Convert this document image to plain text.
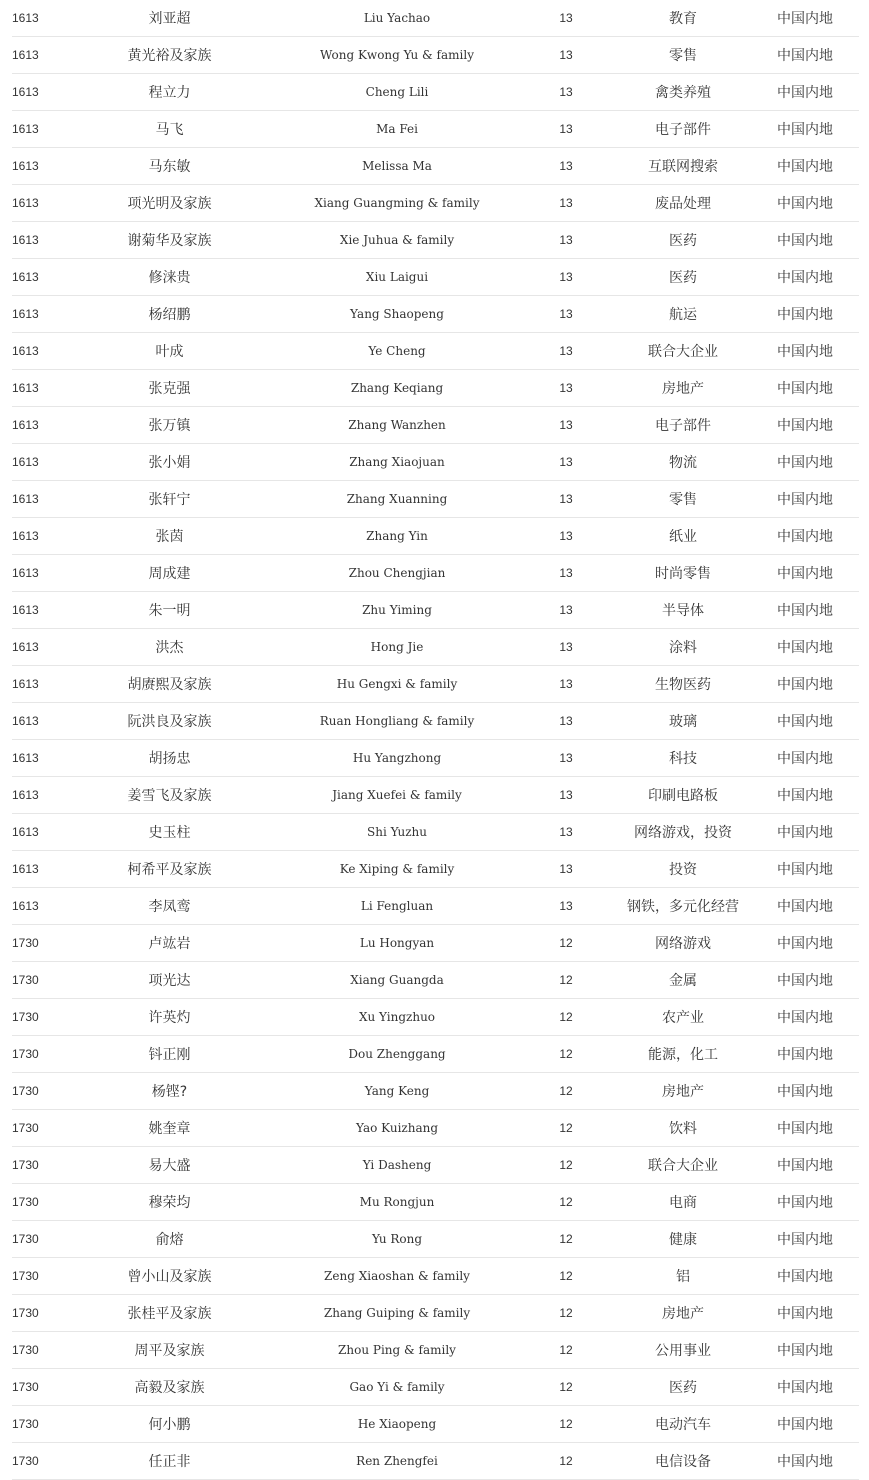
1613	刘亚超	Liu Yachao	13	教育	中国内地
1613	黄光裕及家族	Wong Kwong Yu & family	13	零售	中国内地
1613	程立力	Cheng Lili	13	禽类养殖	中国内地
1613	马飞	Ma Fei	13	电子部件	中国内地
1613	马东敏	Melissa Ma	13	互联网搜索	中国内地
1613	项光明及家族	Xiang Guangming & family	13	废品处理	中国内地
1613	谢菊华及家族	Xie Juhua & family	13	医药	中国内地
1613	修涞贵	Xiu Laigui	13	医药	中国内地
1613	杨绍鹏	Yang Shaopeng	13	航运	中国内地
1613	叶成	Ye Cheng	13	联合大企业	中国内地
1613	张克强	Zhang Keqiang	13	房地产	中国内地
1613	张万镇	Zhang Wanzhen	13	电子部件	中国内地
1613	张小娟	Zhang Xiaojuan	13	物流	中国内地
1613	张轩宁	Zhang Xuanning	13	零售	中国内地
1613	张茵	Zhang Yin	13	纸业	中国内地
1613	周成建	Zhou Chengjian	13	时尚零售	中国内地
1613	朱一明	Zhu Yiming	13	半导体	中国内地
1613	洪杰	Hong Jie	13	涂料	中国内地
1613	胡赓熙及家族	Hu Gengxi & family	13	生物医药	中国内地
1613	阮洪良及家族	Ruan Hongliang & family	13	玻璃	中国内地
1613	胡扬忠	Hu Yangzhong	13	科技	中国内地
1613	姜雪飞及家族	Jiang Xuefei & family	13	印刷电路板	中国内地
1613	史玉柱	Shi Yuzhu	13	网络游戏，投资	中国内地
1613	柯希平及家族	Ke Xiping & family	13	投资	中国内地
1613	李凤鸾	Li Fengluan	13	钢铁，多元化经营	中国内地
1730	卢竑岩	Lu Hongyan	12	网络游戏	中国内地
1730	项光达	Xiang Guangda	12	金属	中国内地
1730	许英灼	Xu Yingzhuo	12	农产业	中国内地
1730	钭正刚	Dou Zhenggang	12	能源，化工	中国内地
1730	杨铿?	Yang Keng	12	房地产	中国内地
1730	姚奎章	Yao Kuizhang	12	饮料	中国内地
1730	易大盛	Yi Dasheng	12	联合大企业	中国内地
1730	穆荣均	Mu Rongjun	12	电商	中国内地
1730	俞熔	Yu Rong	12	健康	中国内地
1730	曾小山及家族	Zeng Xiaoshan & family	12	铝	中国内地
1730	张桂平及家族	Zhang Guiping & family	12	房地产	中国内地
1730	周平及家族	Zhou Ping & family	12	公用事业	中国内地
1730	高毅及家族	Gao Yi & family	12	医药	中国内地
1730	何小鹏	He Xiaopeng	12	电动汽车	中国内地
1730	任正非	Ren Zhengfei	12	电信设备	中国内地
